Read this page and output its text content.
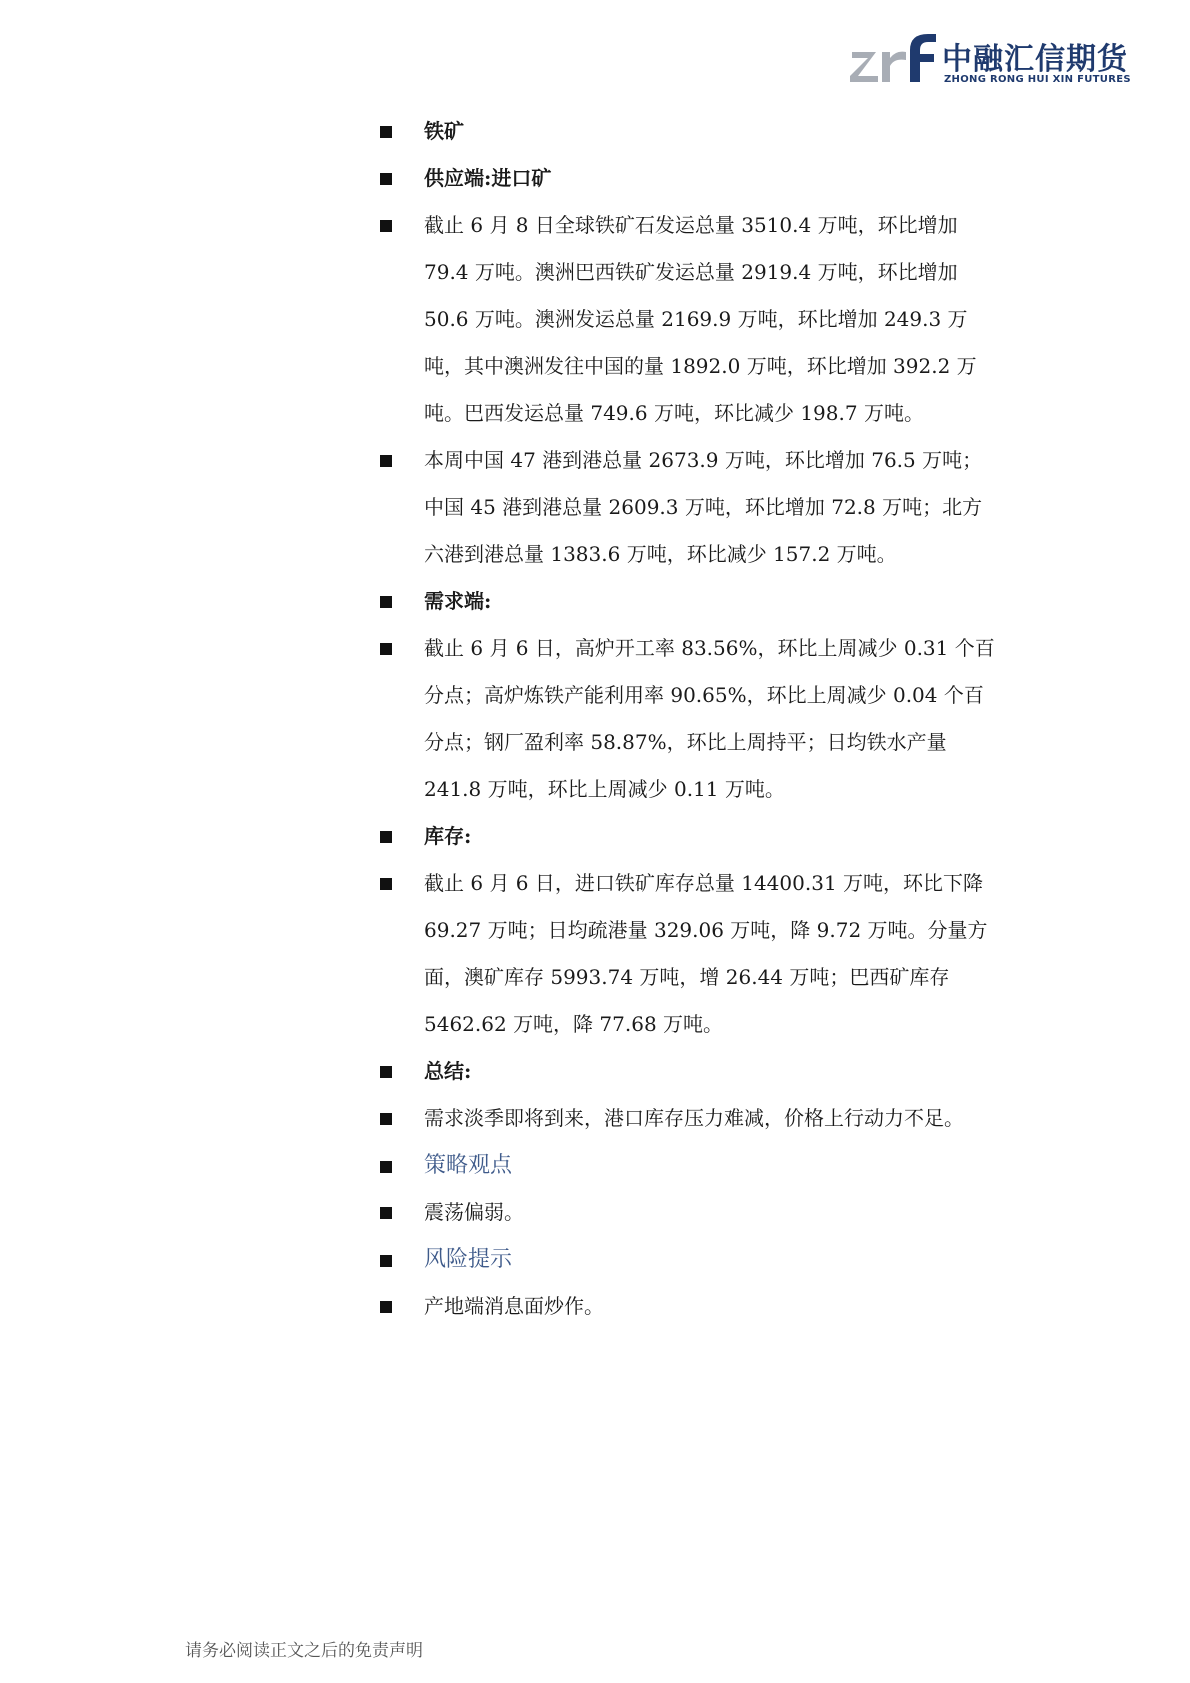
中融汇信期货
ZHONG RONG HUI XIN FUTURES
铁矿
供应端:进口矿
截止 6 月 8 日全球铁矿石发运总量 3510.4 万吨，环比增加 79.4 万吨。澳洲巴西铁矿发运总量 2919.4 万吨，环比增加 50.6 万吨。澳洲发运总量 2169.9 万吨，环比增加 249.3 万吨，其中澳洲发往中国的量 1892.0 万吨，环比增加 392.2 万吨。巴西发运总量 749.6 万吨，环比减少 198.7 万吨。
本周中国 47 港到港总量 2673.9 万吨，环比增加 76.5 万吨；中国 45 港到港总量 2609.3 万吨，环比增加 72.8 万吨；北方六港到港总量 1383.6 万吨，环比减少 157.2 万吨。
需求端:
截止 6 月 6 日，高炉开工率 83.56%，环比上周减少 0.31 个百分点；高炉炼铁产能利用率 90.65%，环比上周减少 0.04 个百分点；钢厂盈利率 58.87%，环比上周持平；日均铁水产量 241.8 万吨，环比上周减少 0.11 万吨。
库存:
截止 6 月 6 日，进口铁矿库存总量 14400.31 万吨，环比下降 69.27 万吨；日均疏港量 329.06 万吨，降 9.72 万吨。分量方面，澳矿库存 5993.74 万吨，增 26.44 万吨；巴西矿库存 5462.62 万吨，降 77.68 万吨。
总结:
需求淡季即将到来，港口库存压力难减，价格上行动力不足。
策略观点
震荡偏弱。
风险提示
产地端消息面炒作。
请务必阅读正文之后的免责声明
